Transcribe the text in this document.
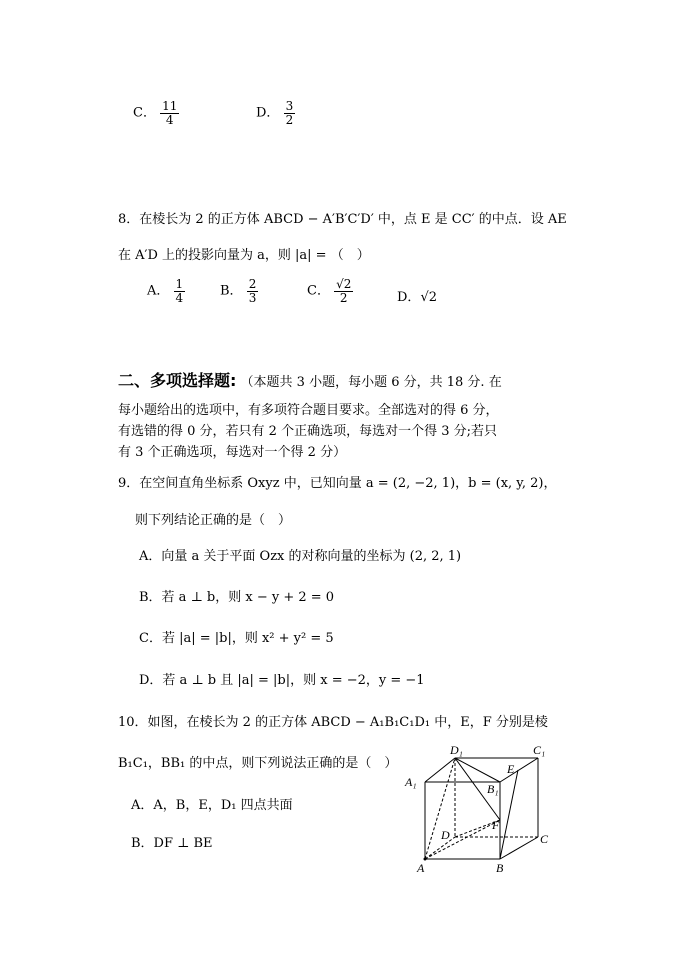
C． $\frac{11}{4}$	D． $\frac{3}{2}$
8．在棱长为 2 的正方体 ABCD − A′B′C′D′ 中，点 E 是 CC′ 的中点．设 AE
在 A′D 上的投影向量为 a，则 |a| = （　）
A． $\frac{1}{4}$	B． $\frac{2}{3}$	C． $\frac{√2}{2}$	D．√2
二、多项选择题: （本题共 3 小题，每小题 6 分，共 18 分. 在
每小题给出的选项中，有多项符合题目要求。全部选对的得 6 分，
有选错的得 0 分，若只有 2 个正确选项，每选对一个得 3 分;若只
有 3 个正确选项，每选对一个得 2 分）
9．在空间直角坐标系 Oxyz 中，已知向量 a = (2, −2, 1)，b = (x, y, 2)，
则下列结论正确的是（　）
A．向量 a 关于平面 Ozx 的对称向量的坐标为 (2, 2, 1)
B．若 a ⊥ b，则 x − y + 2 = 0
C．若 |a| = |b|，则 x² + y² = 5
D．若 a ⊥ b 且 |a| = |b|，则 x = −2，y = −1
10．如图，在棱长为 2 的正方体 ABCD − A₁B₁C₁D₁ 中，E，F 分别是棱
B₁C₁，BB₁ 的中点，则下列说法正确的是（　）
A．A，B，E，D₁ 四点共面
B．DF ⊥ BE
D₁	C₁
A₁
E
B₁
F
D	C
A	B
